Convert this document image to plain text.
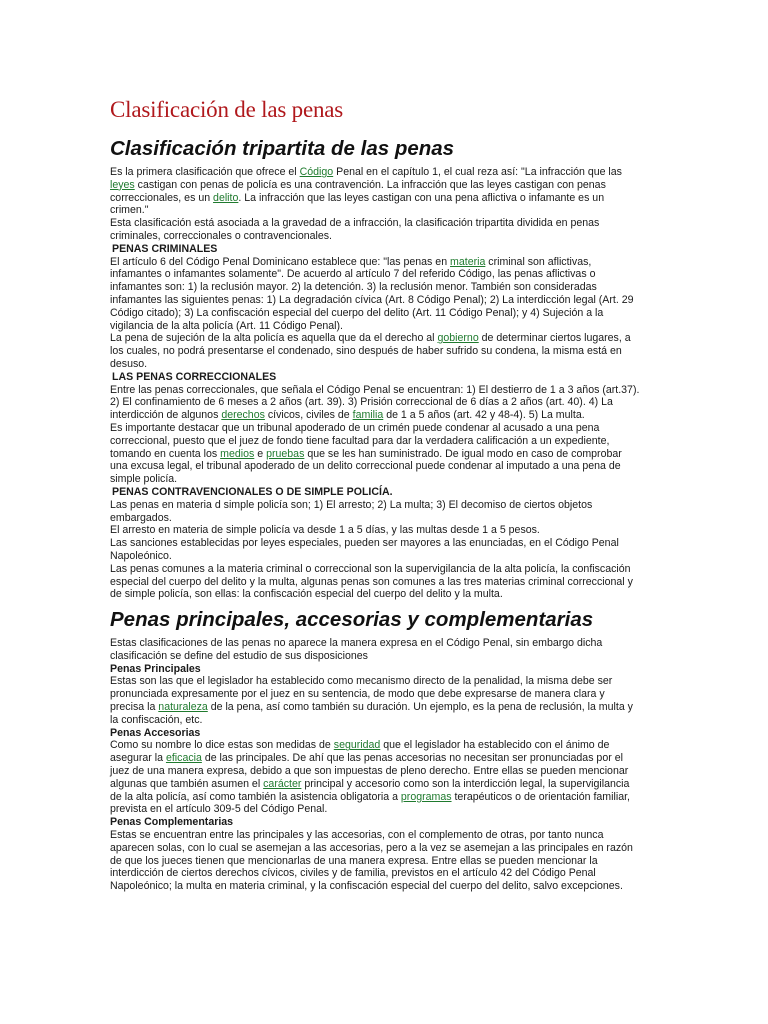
Clasificación de las penas
Clasificación tripartita de las penas

Es la primera clasificación que ofrece el Código Penal en el capítulo 1, el cual reza así: "La infracción que las leyes castigan con penas de policía es una contravención. La infracción que las leyes castigan con penas correccionales, es un delito. La infracción que las leyes castigan con una pena aflictiva o infamante es un crimen."

Esta clasificación está asociada a la gravedad de a infracción, la clasificación tripartita dividida en penas criminales, correccionales o contravencionales.

PENAS CRIMINALES

El artículo 6 del Código Penal Dominicano establece que: "las penas en materia criminal son aflictivas, infamantes o infamantes solamente". De acuerdo al artículo 7 del referido Código, las penas aflictivas o infamantes son: 1) la reclusión mayor. 2) la detención. 3) la reclusión menor. También son consideradas infamantes las siguientes penas: 1) La degradación cívica (Art. 8 Código Penal); 2) La interdicción legal (Art. 29 Código citado); 3) La confiscación especial del cuerpo del delito (Art. 11 Código Penal); y 4) Sujeción a la vigilancia de la alta policía (Art. 11 Código Penal).

La pena de sujeción de la alta policía es aquella que da el derecho al gobierno de determinar ciertos lugares, a los cuales, no podrá presentarse el condenado, sino después de haber sufrido su condena, la misma está en desuso.

LAS PENAS CORRECCIONALES

Entre las penas correccionales, que señala el Código Penal se encuentran: 1) El destierro de 1 a 3 años (art.37). 2) El confinamiento de 6 meses a 2 años (art. 39). 3) Prisión correccional de 6 días a 2 años (art. 40). 4) La interdicción de algunos derechos cívicos, civiles de familia de 1 a 5 años (art. 42 y 48-4). 5) La multa.

Es importante destacar que un tribunal apoderado de un crimén puede condenar al acusado a una pena correccional, puesto que el juez de fondo tiene facultad para dar la verdadera calificación a un expediente, tomando en cuenta los medios e pruebas que se les han suministrado. De igual modo en caso de comprobar una excusa legal, el tribunal apoderado de un delito correccional puede condenar al imputado a una pena de simple policía.

PENAS CONTRAVENCIONALES O DE SIMPLE POLICÍA.

Las penas en materia d simple policía son; 1) El arresto; 2) La multa; 3) El decomiso de ciertos objetos embargados.

El arresto en materia de simple policía va desde 1 a 5 días, y las multas desde 1 a 5 pesos.

Las sanciones establecidas por leyes especiales, pueden ser mayores a las enunciadas, en el Código Penal Napoleónico.

Las penas comunes a la materia criminal o correccional son la supervigilancia de la alta policía, la confiscación especial del cuerpo del delito y la multa, algunas penas son comunes a las tres materias criminal correccional y de simple policía, son ellas: la confiscación especial del cuerpo del delito y la multa.

Penas principales, accesorias y complementarias

Estas clasificaciones de las penas no aparece la manera expresa en el Código Penal, sin embargo dicha clasificación se define del estudio de sus disposiciones

Penas Principales

Estas son las que el legislador ha establecido como mecanismo directo de la penalidad, la misma debe ser pronunciada expresamente por el juez en su sentencia, de modo que debe expresarse de manera clara y precisa la naturaleza de la pena, así como también su duración. Un ejemplo, es la pena de reclusión, la multa y la confiscación, etc.

Penas Accesorias

Como su nombre lo dice estas son medidas de seguridad que el legislador ha establecido con el ánimo de asegurar la eficacia de las principales. De ahí que las penas accesorias no necesitan ser pronunciadas por el juez de una manera expresa, debido a que son impuestas de pleno derecho. Entre ellas se pueden mencionar algunas que también asumen el carácter principal y accesorio como son la interdicción legal, la supervigilancia de la alta policía, así como también la asistencia obligatoria a programas terapéuticos o de orientación familiar, prevista en el artículo 309-5 del Código Penal.

Penas Complementarias

Estas se encuentran entre las principales y las accesorias, con el complemento de otras, por tanto nunca aparecen solas, con lo cual se asemejan a las accesorias, pero a la vez se asemejan a las principales en razón de que los jueces tienen que mencionarlas de una manera expresa. Entre ellas se pueden mencionar la interdicción de ciertos derechos cívicos, civiles y de familia, previstos en el artículo 42 del Código Penal Napoleónico; la multa en materia criminal, y la confiscación especial del cuerpo del delito, salvo excepciones.
